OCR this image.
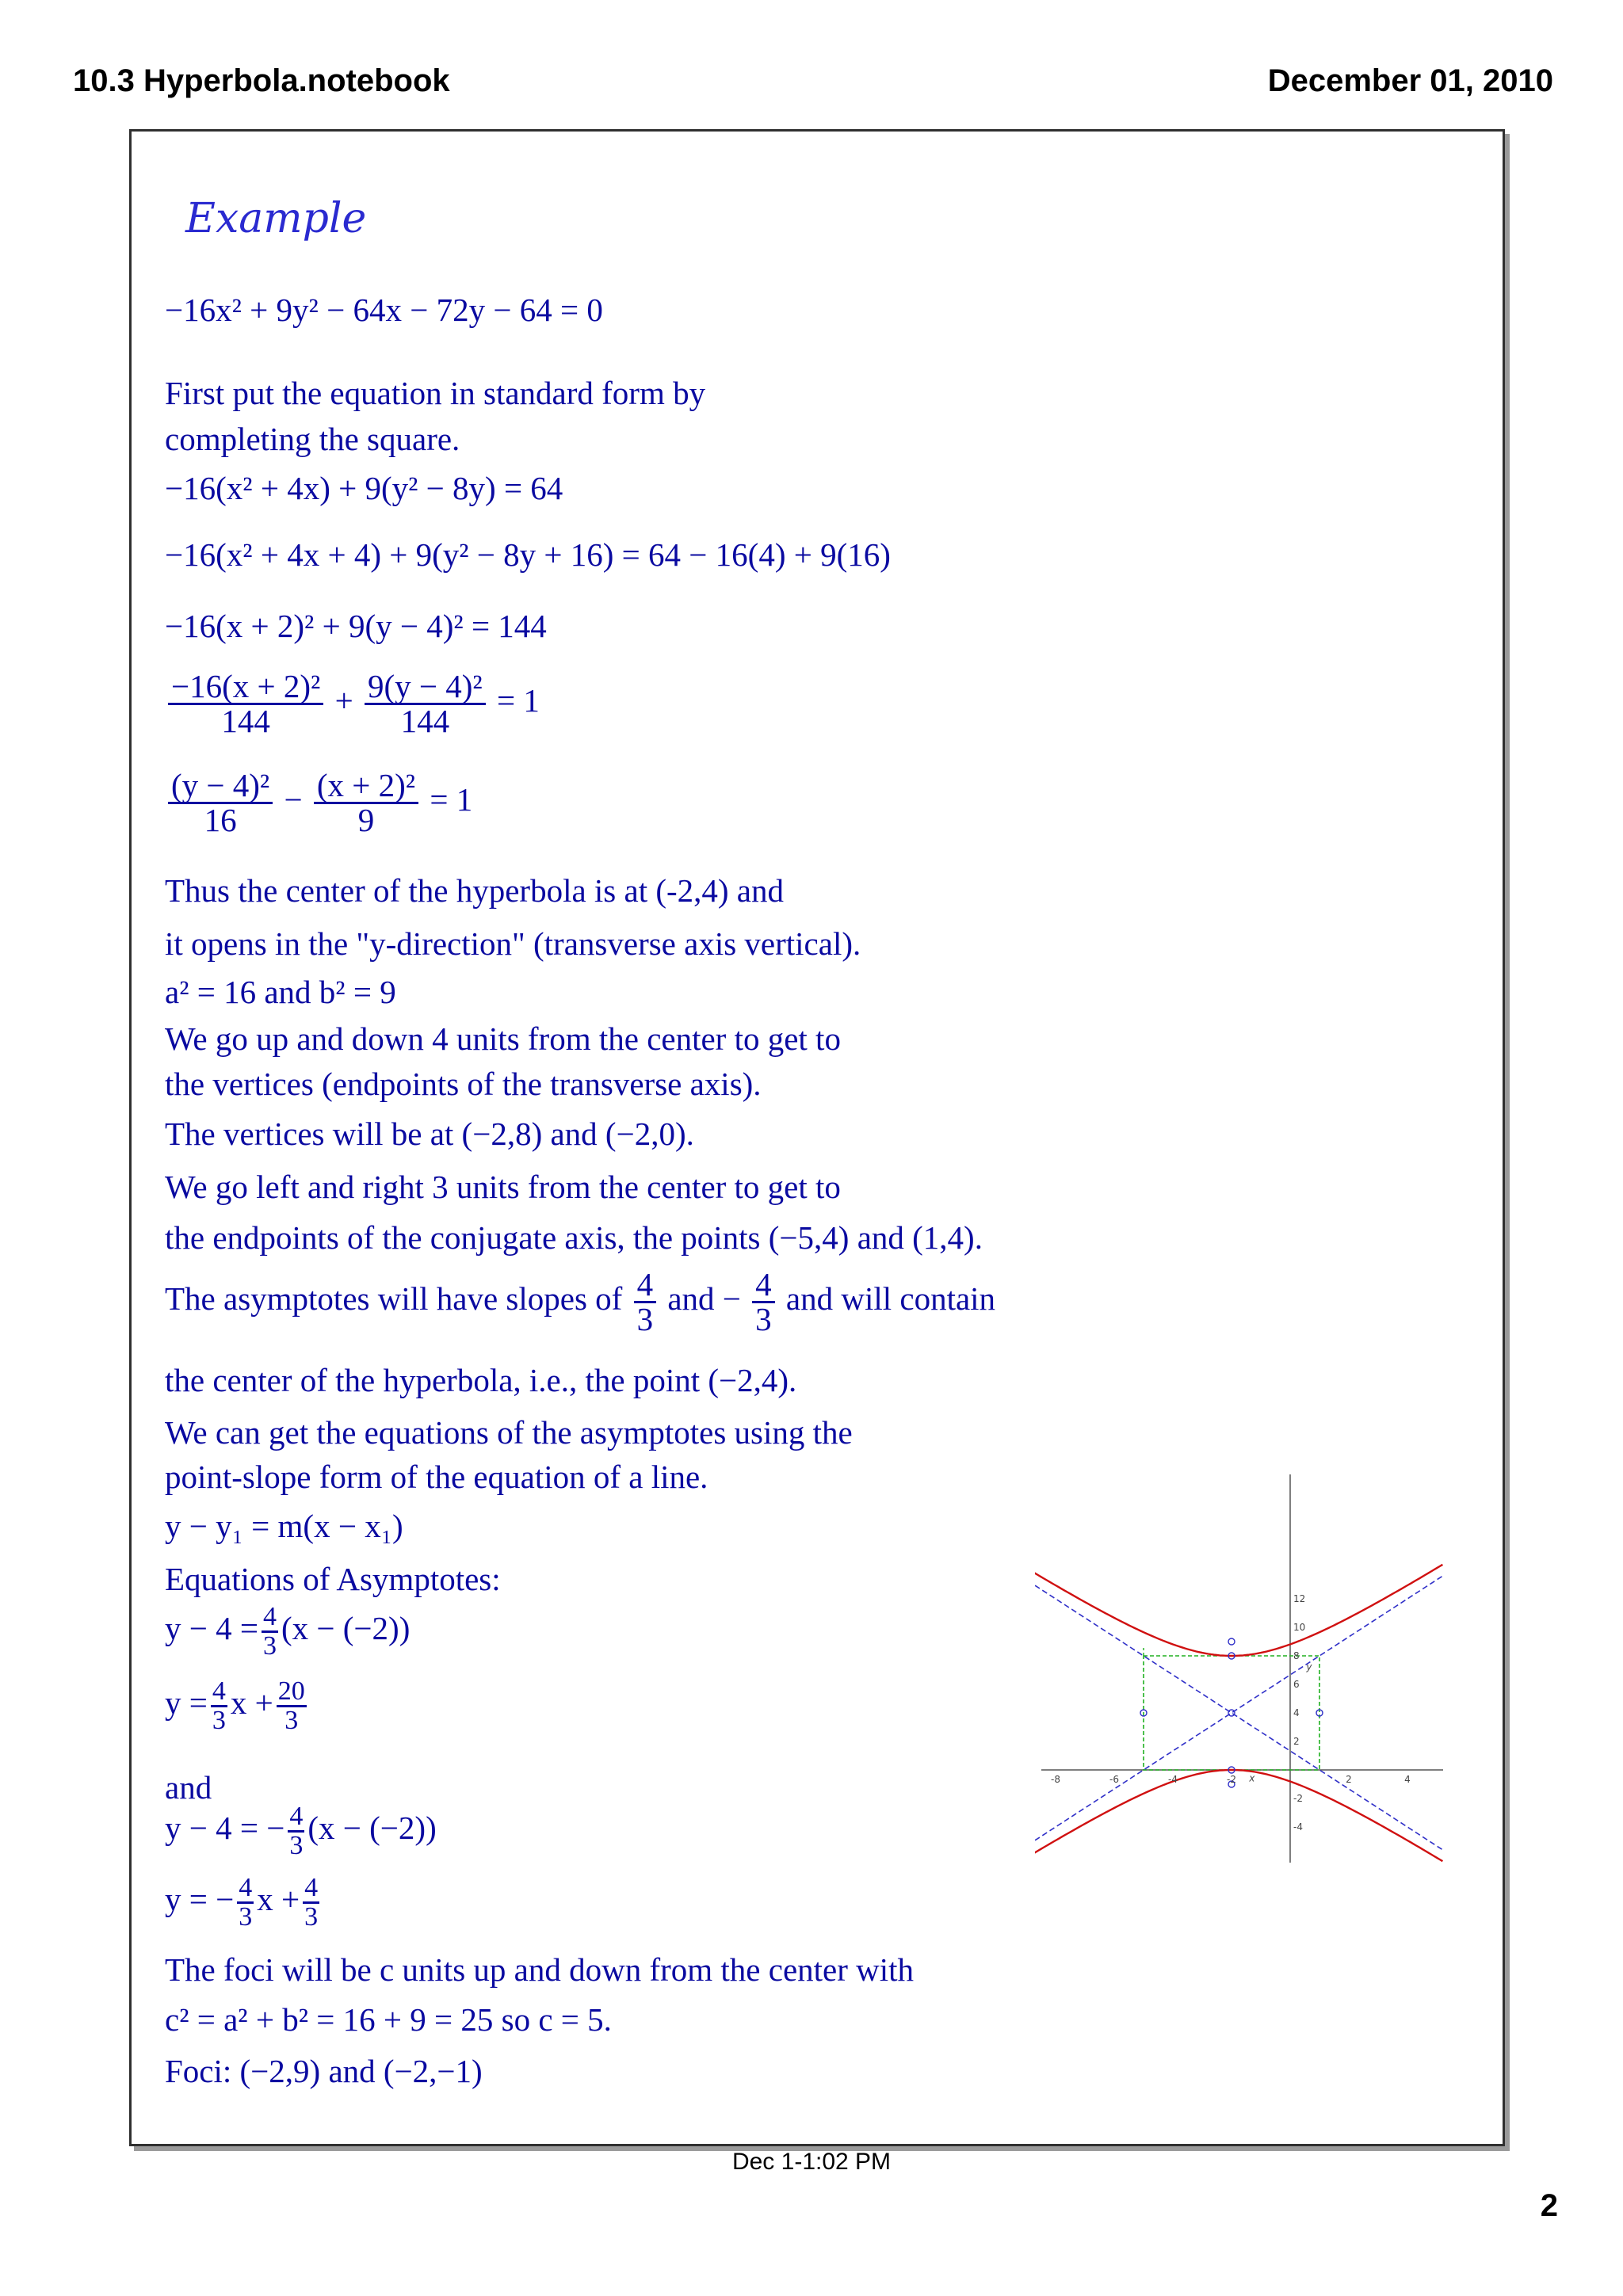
10.3 Hyperbola.notebook	December 01, 2010
Example
−16x² + 9y² − 64x − 72y − 64 = 0
First put the equation in standard form by
completing the square.
−16(x² + 4x) + 9(y² − 8y) = 64
−16(x² + 4x + 4) + 9(y² − 8y + 16) = 64 − 16(4) + 9(16)
−16(x + 2)² + 9(y − 4)² = 144
$\frac{\text{−16(x + 2)²}}{144} + \frac{\text{9(y − 4)²}}{144} = 1$
$\frac{\text{(y − 4)²}}{16} - \frac{\text{(x + 2)²}}{9} = 1$
Thus the center of the hyperbola is at (-2,4) and
it opens in the "y-direction" (transverse axis vertical).
a² = 16 and b² = 9
We go up and down 4 units from the center to get to
the vertices (endpoints of the transverse axis).
The vertices will be at (−2,8) and (−2,0).
We go left and right 3 units from the center to get to
the endpoints of the conjugate axis, the points (−5,4) and (1,4).
The asymptotes will have slopes of $\frac{4}{3}$ and − $\frac{4}{3}$ and will contain
the center of the hyperbola, i.e., the point (−2,4).
We can get the equations of the asymptotes using the
point-slope form of the equation of a line.
y − y₁ = m(x − x₁)
Equations of Asymptotes:
$y - 4 = \frac{4}{3} (x - (-2))$
$y = \frac{4}{3}$ $x + \frac{20}{3}$
and
y − 4 = − $\frac{4}{3} (x - (-2))$
y = − $\frac{4}{3}$ $x + \frac{4}{3}$
The foci will be c units up and down from the center with
c² = a² + b² = 16 + 9 = 25 so c = 5.
Foci: (−2,9) and (−2,−1)
-8	-6	-4	-2	2	4
12
10
8
6
4
2
-2
-4
x
y
Dec 1-1:02 PM
2
